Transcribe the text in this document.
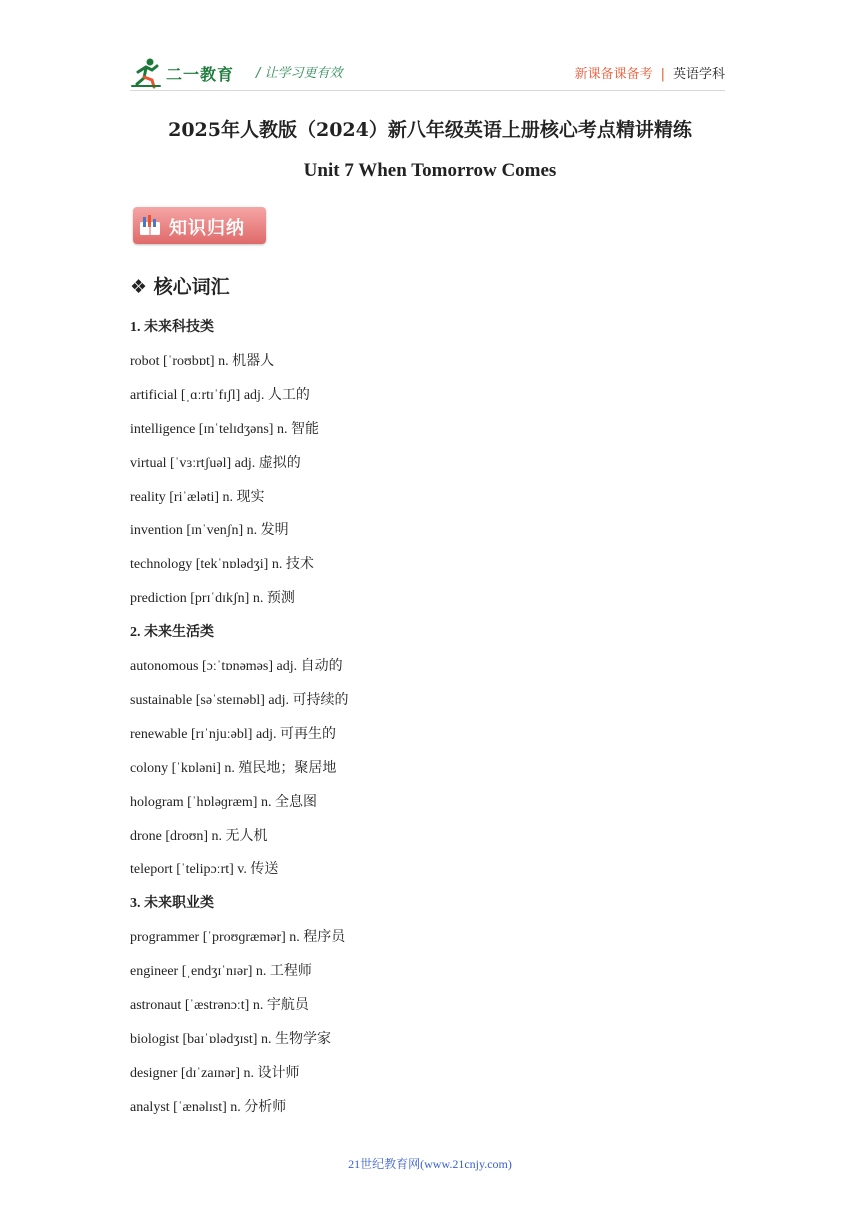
二一教育 / 让学习更有效	新课备课备考 | 英语学科
2025年人教版（2024）新八年级英语上册核心考点精讲精练
Unit 7 When Tomorrow Comes
知识归纳
❖ 核心词汇
1. 未来科技类
robot [ˈroʊbɒt] n. 机器人
artificial [ˌɑːrtɪˈfɪʃl] adj. 人工的
intelligence [ɪnˈtelɪdʒəns] n. 智能
virtual [ˈvɜːrtʃuəl] adj. 虚拟的
reality [riˈæləti] n. 现实
invention [ɪnˈvenʃn] n. 发明
technology [tekˈnɒlədʒi] n. 技术
prediction [prɪˈdɪkʃn] n. 预测
2. 未来生活类
autonomous [ɔːˈtɒnəməs] adj. 自动的
sustainable [səˈsteɪnəbl] adj. 可持续的
renewable [rɪˈnjuːəbl] adj. 可再生的
colony [ˈkɒləni] n. 殖民地；聚居地
hologram [ˈhɒləɡræm] n. 全息图
drone [droʊn] n. 无人机
teleport [ˈtelipɔːrt] v. 传送
3. 未来职业类
programmer [ˈproʊɡræmər] n. 程序员
engineer [ˌendʒɪˈnɪər] n. 工程师
astronaut [ˈæstrənɔːt] n. 宇航员
biologist [baɪˈɒlədʒɪst] n. 生物学家
designer [dɪˈzaɪnər] n. 设计师
analyst [ˈænəlɪst] n. 分析师
21世纪教育网(www.21cnjy.com)
